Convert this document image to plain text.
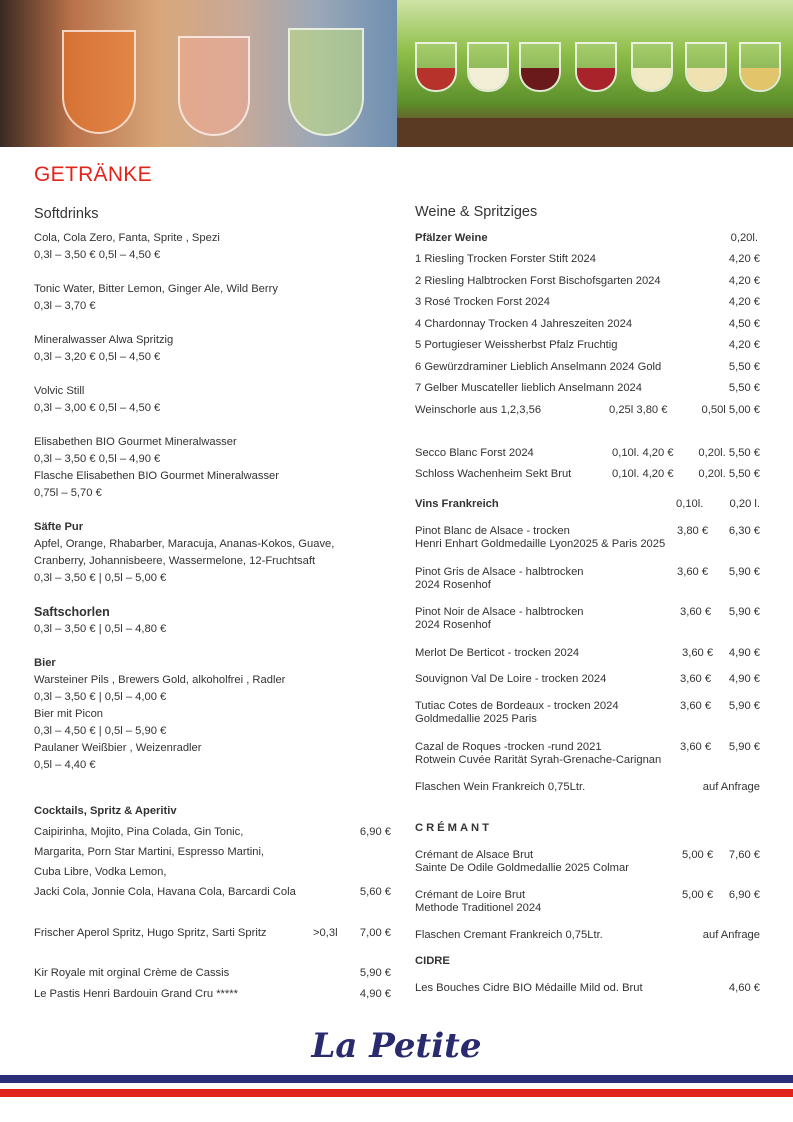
GETRÄNKE
Softdrinks	Weine & Spritziges
Cola, Cola Zero, Fanta, Sprite , Spezi
0,3l – 3,50 € 0,5l – 4,50 €
Tonic Water, Bitter Lemon, Ginger Ale, Wild Berry
0,3l – 3,70 €
Mineralwasser Alwa Spritzig
0,3l – 3,20 € 0,5l – 4,50 €
Volvic Still
0,3l – 3,00 € 0,5l – 4,50 €
Elisabethen BIO Gourmet Mineralwasser
0,3l – 3,50 € 0,5l – 4,90 €
Flasche Elisabethen BIO Gourmet Mineralwasser
0,75l – 5,70 €
Säfte Pur
Apfel, Orange, Rhabarber, Maracuja, Ananas-Kokos, Guave,
Cranberry, Johannisbeere, Wassermelone, 12-Fruchtsaft
0,3l – 3,50 € | 0,5l – 5,00 €
Saftschorlen
0,3l – 3,50 € | 0,5l – 4,80 €
Bier
Warsteiner Pils , Brewers Gold, alkoholfrei , Radler
0,3l – 3,50 € | 0,5l – 4,00 €
Bier mit Picon
0,3l – 4,50 € | 0,5l – 5,90 €
Paulaner Weißbier , Weizenradler
0,5l – 4,40 €
Cocktails, Spritz & Aperitiv
Caipirinha, Mojito, Pina Colada, Gin Tonic,	6,90 €
Margarita, Porn Star Martini, Espresso Martini,
Cuba Libre, Vodka Lemon,
Jacki Cola, Jonnie Cola, Havana Cola, Barcardi Cola	5,60 €
Frischer Aperol Spritz, Hugo Spritz, Sarti Spritz	>0,3l 7,00 €
Kir Royale mit orginal Crème de Cassis	5,90 €
Le Pastis Henri Bardouin Grand Cru *****	4,90 €
Pfälzer Weine	0,20l.
1 Riesling Trocken Forster Stift 2024	4,20 €
2 Riesling Halbtrocken Forst Bischofsgarten 2024	4,20 €
3 Rosé Trocken Forst 2024	4,20 €
4 Chardonnay Trocken 4 Jahreszeiten 2024	4,50 €
5 Portugieser Weissherbst Pfalz Fruchtig	4,20 €
6 Gewürzdraminer Lieblich Anselmann 2024 Gold	5,50 €
7 Gelber Muscateller lieblich Anselmann 2024	5,50 €
Weinschorle aus 1,2,3,56	0,25l 3,80 €	0,50l 5,00 €
Secco Blanc Forst 2024	0,10l. 4,20 € 0,20l. 5,50 €
Schloss Wachenheim Sekt Brut	0,10l. 4,20 € 0,20l. 5,50 €
Vins Frankreich	0,10l. 0,20 l.
Pinot Blanc de Alsace - trocken
Henri Enhart Goldmedaille Lyon2025 & Paris 2025
3,80 € 6,30 €
Pinot Gris de Alsace - halbtrocken
2024 Rosenhof
3,60 € 5,90 €
Pinot Noir de Alsace - halbtrocken
2024 Rosenhof
3,60 € 5,90 €
Merlot De Berticot - trocken 2024	3,60 € 4,90 €
Souvignon Val De Loire - trocken 2024	3,60 € 4,90 €
Tutiac Cotes de Bordeaux - trocken 2024
Goldmedallie 2025 Paris
3,60 € 5,90 €
Cazal de Roques -trocken -rund 2021
Rotwein Cuvée Rarität Syrah-Grenache-Carignan
3,60 € 5,90 €
Flaschen Wein Frankreich 0,75Ltr.	auf Anfrage
CRÉMANT
Crémant de Alsace Brut
Sainte De Odile Goldmedallie 2025 Colmar
5,00 € 7,60 €
Crémant de Loire Brut
Methode Traditionel 2024
5,00 € 6,90 €
Flaschen Cremant Frankreich 0,75Ltr.	auf Anfrage
CIDRE
Les Bouches Cidre BIO Médaille Mild od. Brut	4,60 €
La Petite
